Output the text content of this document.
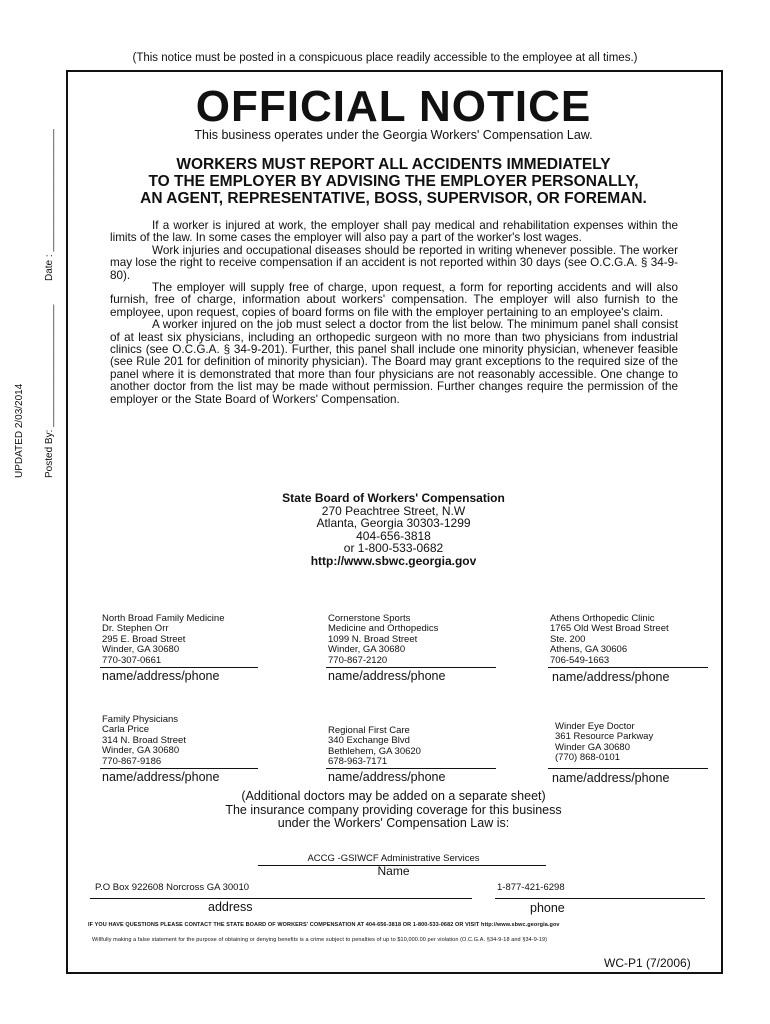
(This notice must be posted in a conspicuous place readily accessible to the employee at all times.)
Date : ______________________
Posted By: ______________________
UPDATED 2/03/2014
OFFICIAL NOTICE
This business operates under the Georgia Workers' Compensation Law.
WORKERS MUST REPORT ALL ACCIDENTS IMMEDIATELY
TO THE EMPLOYER BY ADVISING THE EMPLOYER PERSONALLY,
AN AGENT, REPRESENTATIVE, BOSS, SUPERVISOR, OR FOREMAN.

If a worker is injured at work, the employer shall pay medical and rehabilitation expenses within the limits of the law. In some cases the employer will also pay a part of the worker's lost wages.

Work injuries and occupational diseases should be reported in writing whenever possible. The worker may lose the right to receive compensation if an accident is not reported within 30 days (see O.C.G.A. § 34-9-80).

The employer will supply free of charge, upon request, a form for reporting accidents and will also furnish, free of charge, information about workers' compensation. The employer will also furnish to the employee, upon request, copies of board forms on file with the employer pertaining to an employee's claim.

A worker injured on the job must select a doctor from the list below. The minimum panel shall consist of at least six physicians, including an orthopedic surgeon with no more than two physicians from industrial clinics (see O.C.G.A. § 34-9-201). Further, this panel shall include one minority physician, whenever feasible (see Rule 201 for definition of minority physician). The Board may grant exceptions to the required size of the panel where it is demonstrated that more than four physicians are not reasonably accessible. One change to another doctor from the list may be made without permission. Further changes require the permission of the employer or the State Board of Workers' Compensation.

State Board of Workers' Compensation
270 Peachtree Street, N.W
Atlanta, Georgia 30303-1299
404-656-3818
or 1-800-533-0682
http://www.sbwc.georgia.gov
North Broad Family Medicine
Dr. Stephen Orr
295 E. Broad Street
Winder, GA 30680
770-307-0661
name/address/phone
Cornerstone Sports
Medicine and Orthopedics
1099 N. Broad Street
Winder, GA 30680
770-867-2120
name/address/phone
Athens Orthopedic Clinic
1765 Old West Broad Street
Ste. 200
Athens, GA 30606
706-549-1663
name/address/phone
Family Physicians
Carla Price
314 N. Broad Street
Winder, GA 30680
770-867-9186
name/address/phone
Regional First Care
340 Exchange Blvd
Bethlehem, GA 30620
678-963-7171
name/address/phone
Winder Eye Doctor
361 Resource Parkway
Winder GA 30680
(770) 868-0101
name/address/phone
(Additional doctors may be added on a separate sheet)
The insurance company providing coverage for this business
under the Workers' Compensation Law is:
ACCG -GSIWCF Administrative Services
Name
P.O Box 922608 Norcross GA 30010	1-877-421-6298
address	phone
IF YOU HAVE QUESTIONS PLEASE CONTACT THE STATE BOARD OF WORKERS' COMPENSATION AT 404-656-3818 OR 1-800-533-0682 OR VISIT http://www.sbwc.georgia.gov
Willfully making a false statement for the purpose of obtaining or denying benefits is a crime subject to penalties of up to $10,000.00 per violation (O.C.G.A. §34-9-18 and §34-9-19)
WC-P1 (7/2006)
